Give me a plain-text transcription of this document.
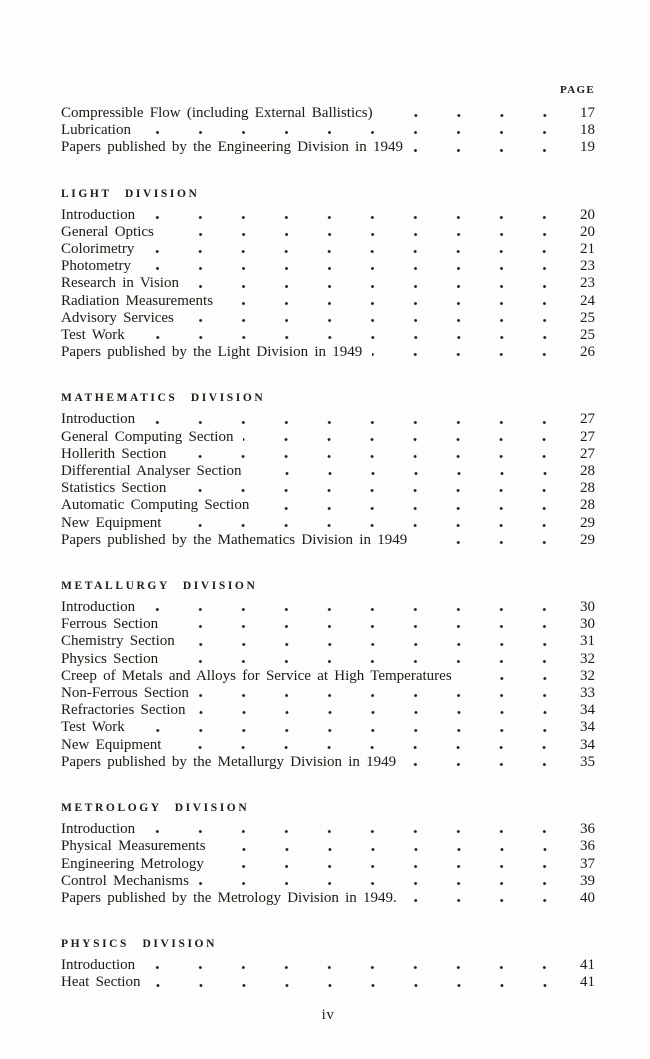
PAGE
Compressible Flow (including External Ballistics)	17
Lubrication	18
Papers published by the Engineering Division in 1949	19
LIGHT DIVISION
Introduction	20
General Optics	20
Colorimetry	21
Photometry	23
Research in Vision	23
Radiation Measurements	24
Advisory Services	25
Test Work	25
Papers published by the Light Division in 1949	26
MATHEMATICS DIVISION
Introduction	27
General Computing Section	27
Hollerith Section	27
Differential Analyser Section	28
Statistics Section	28
Automatic Computing Section	28
New Equipment	29
Papers published by the Mathematics Division in 1949	29
METALLURGY DIVISION
Introduction	30
Ferrous Section	30
Chemistry Section	31
Physics Section	32
Creep of Metals and Alloys for Service at High Temperatures	32
Non-Ferrous Section	33
Refractories Section	34
Test Work	34
New Equipment	34
Papers published by the Metallurgy Division in 1949	35
METROLOGY DIVISION
Introduction	36
Physical Measurements	36
Engineering Metrology	37
Control Mechanisms	39
Papers published by the Metrology Division in 1949.	40
PHYSICS DIVISION
Introduction	41
Heat Section	41
iv
